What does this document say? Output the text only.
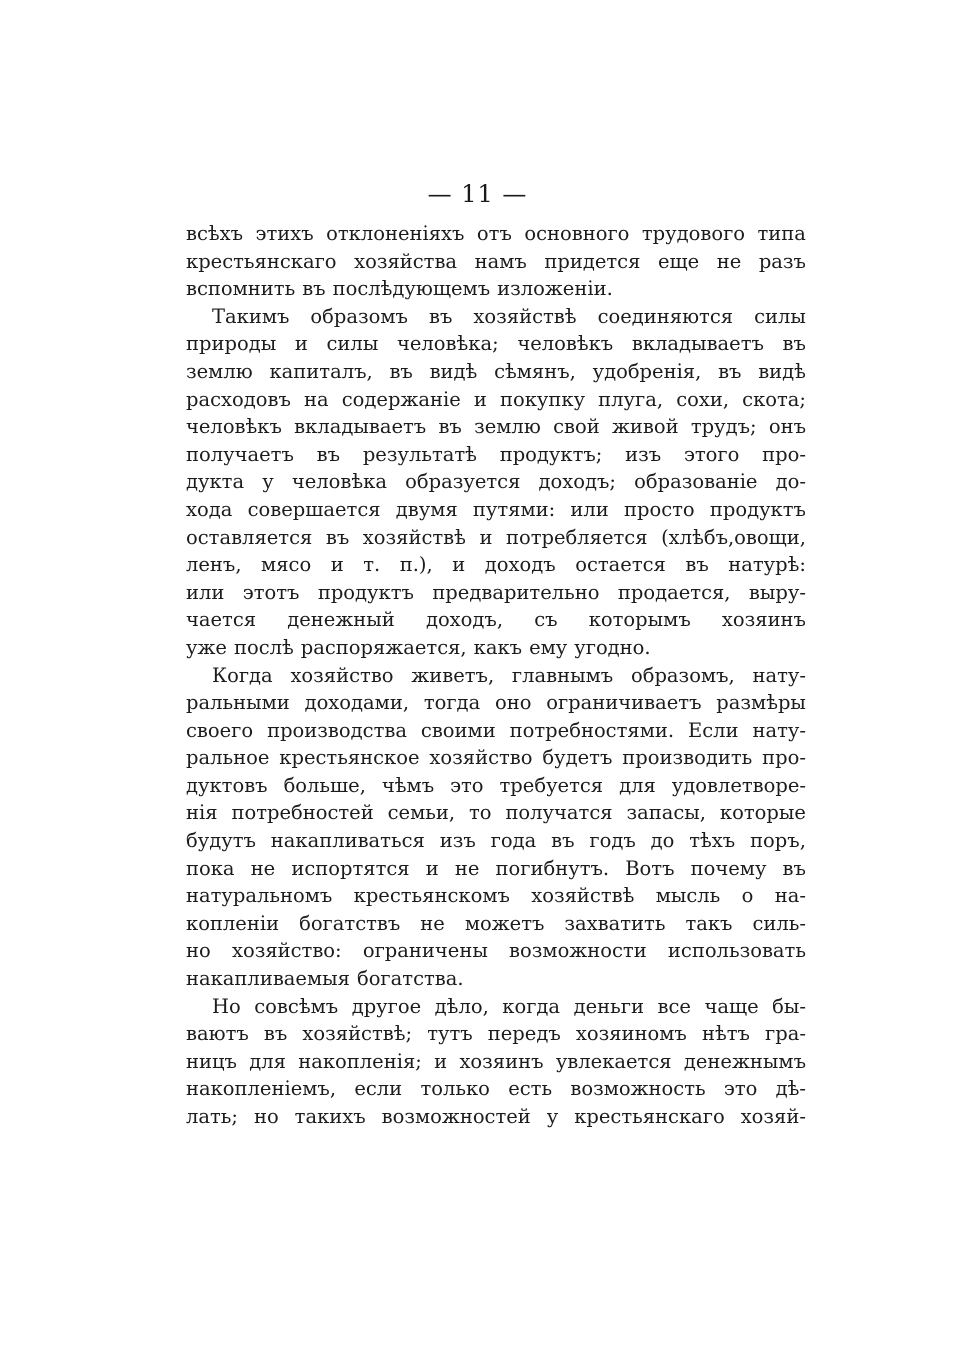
— 11 —
всѣхъ этихъ отклоненіяхъ отъ основного трудового типа
крестьянскаго хозяйства намъ придется еще не разъ
вспомнить въ послѣдующемъ изложеніи.
Такимъ образомъ въ хозяйствѣ соединяются силы
природы и силы человѣка; человѣкъ вкладываетъ въ
землю капиталъ, въ видѣ сѣмянъ, удобренія, въ видѣ
расходовъ на содержаніе и покупку плуга, сохи, скота;
человѣкъ вкладываетъ въ землю свой живой трудъ; онъ
получаетъ въ результатѣ продуктъ; изъ этого про-
дукта у человѣка образуется доходъ; образованіе до-
хода совершается двумя путями: или просто продуктъ
оставляется въ хозяйствѣ и потребляется (хлѣбъ,овощи,
ленъ, мясо и т. п.), и доходъ остается въ натурѣ:
или этотъ продуктъ предварительно продается, выру-
чается денежный доходъ, съ которымъ хозяинъ
уже послѣ распоряжается, какъ ему угодно.
Когда хозяйство живетъ, главнымъ образомъ, нату-
ральными доходами, тогда оно ограничиваетъ размѣры
своего производства своими потребностями. Если нату-
ральное крестьянское хозяйство будетъ производить про-
дуктовъ больше, чѣмъ это требуется для удовлетворе-
нія потребностей семьи, то получатся запасы, которые
будутъ накапливаться изъ года въ годъ до тѣхъ поръ,
пока не испортятся и не погибнутъ. Вотъ почему въ
натуральномъ крестьянскомъ хозяйствѣ мысль о на-
копленіи богатствъ не можетъ захватить такъ силь-
но хозяйство: ограничены возможности использовать
накапливаемыя богатства.
Но совсѣмъ другое дѣло, когда деньги все чаще бы-
ваютъ въ хозяйствѣ; тутъ передъ хозяиномъ нѣтъ гра-
ницъ для накопленія; и хозяинъ увлекается денежнымъ
накопленіемъ, если только есть возможность это дѣ-
лать; но такихъ возможностей у крестьянскаго хозяй-
